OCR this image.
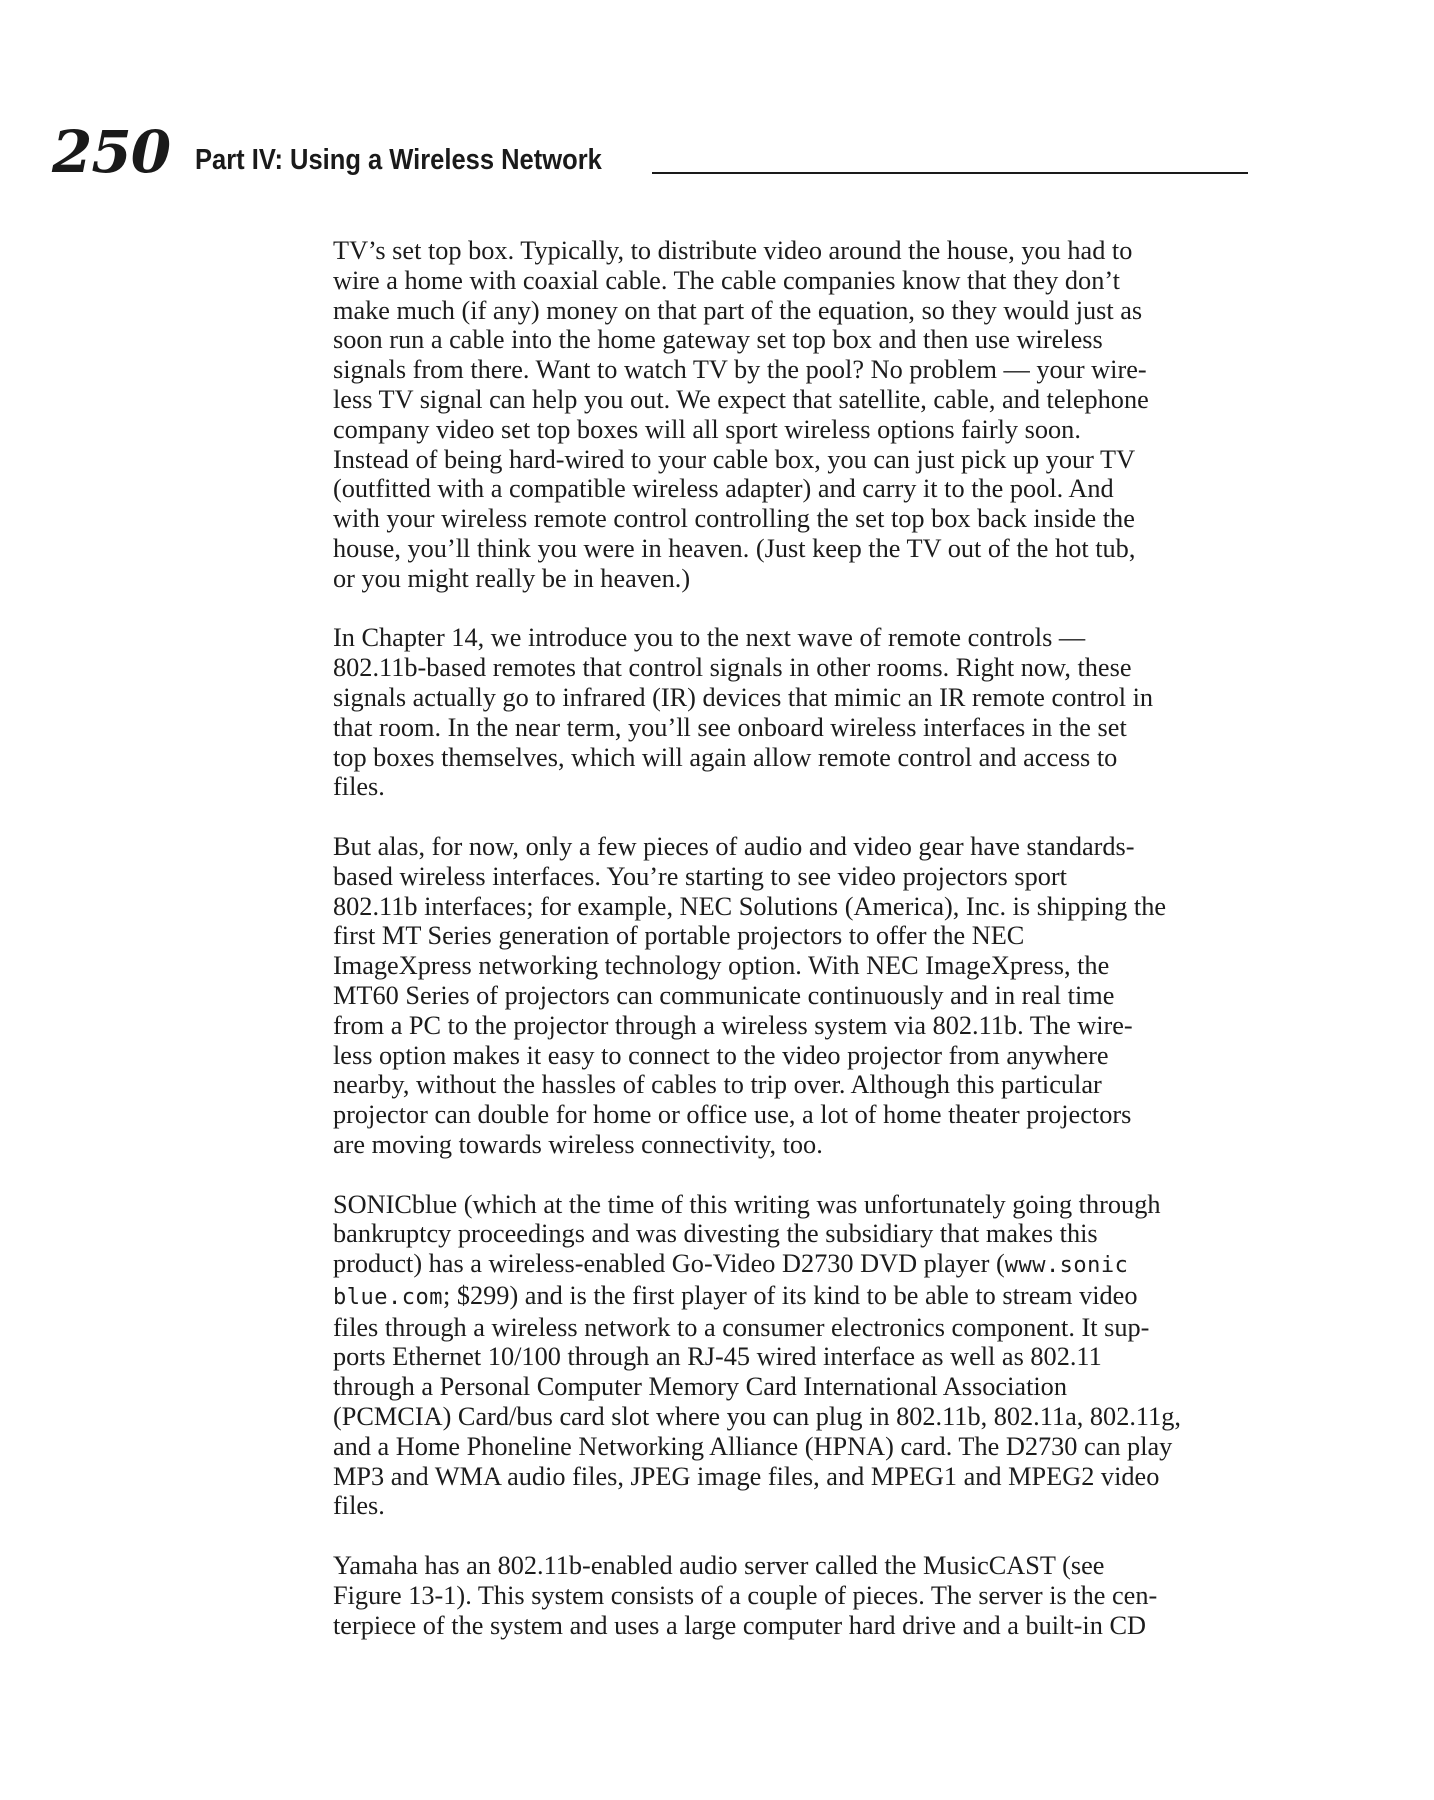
250 Part IV: Using a Wireless Network

TV’s set top box. Typically, to distribute video around the house, you had to
wire a home with coaxial cable. The cable companies know that they don’t
make much (if any) money on that part of the equation, so they would just as
soon run a cable into the home gateway set top box and then use wireless
signals from there. Want to watch TV by the pool? No problem — your wire-
less TV signal can help you out. We expect that satellite, cable, and telephone
company video set top boxes will all sport wireless options fairly soon.
Instead of being hard-wired to your cable box, you can just pick up your TV
(outfitted with a compatible wireless adapter) and carry it to the pool. And
with your wireless remote control controlling the set top box back inside the
house, you’ll think you were in heaven. (Just keep the TV out of the hot tub,
or you might really be in heaven.)

In Chapter 14, we introduce you to the next wave of remote controls —
802.11b-based remotes that control signals in other rooms. Right now, these
signals actually go to infrared (IR) devices that mimic an IR remote control in
that room. In the near term, you’ll see onboard wireless interfaces in the set
top boxes themselves, which will again allow remote control and access to
files.

But alas, for now, only a few pieces of audio and video gear have standards-
based wireless interfaces. You’re starting to see video projectors sport
802.11b interfaces; for example, NEC Solutions (America), Inc. is shipping the
first MT Series generation of portable projectors to offer the NEC
ImageXpress networking technology option. With NEC ImageXpress, the
MT60 Series of projectors can communicate continuously and in real time
from a PC to the projector through a wireless system via 802.11b. The wire-
less option makes it easy to connect to the video projector from anywhere
nearby, without the hassles of cables to trip over. Although this particular
projector can double for home or office use, a lot of home theater projectors
are moving towards wireless connectivity, too.

SONICblue (which at the time of this writing was unfortunately going through
bankruptcy proceedings and was divesting the subsidiary that makes this
product) has a wireless-enabled Go-Video D2730 DVD player (www.sonic
blue.com; $299) and is the first player of its kind to be able to stream video
files through a wireless network to a consumer electronics component. It sup-
ports Ethernet 10/100 through an RJ-45 wired interface as well as 802.11
through a Personal Computer Memory Card International Association
(PCMCIA) Card/bus card slot where you can plug in 802.11b, 802.11a, 802.11g,
and a Home Phoneline Networking Alliance (HPNA) card. The D2730 can play
MP3 and WMA audio files, JPEG image files, and MPEG1 and MPEG2 video
files.

Yamaha has an 802.11b-enabled audio server called the MusicCAST (see
Figure 13-1). This system consists of a couple of pieces. The server is the cen-
terpiece of the system and uses a large computer hard drive and a built-in CD
